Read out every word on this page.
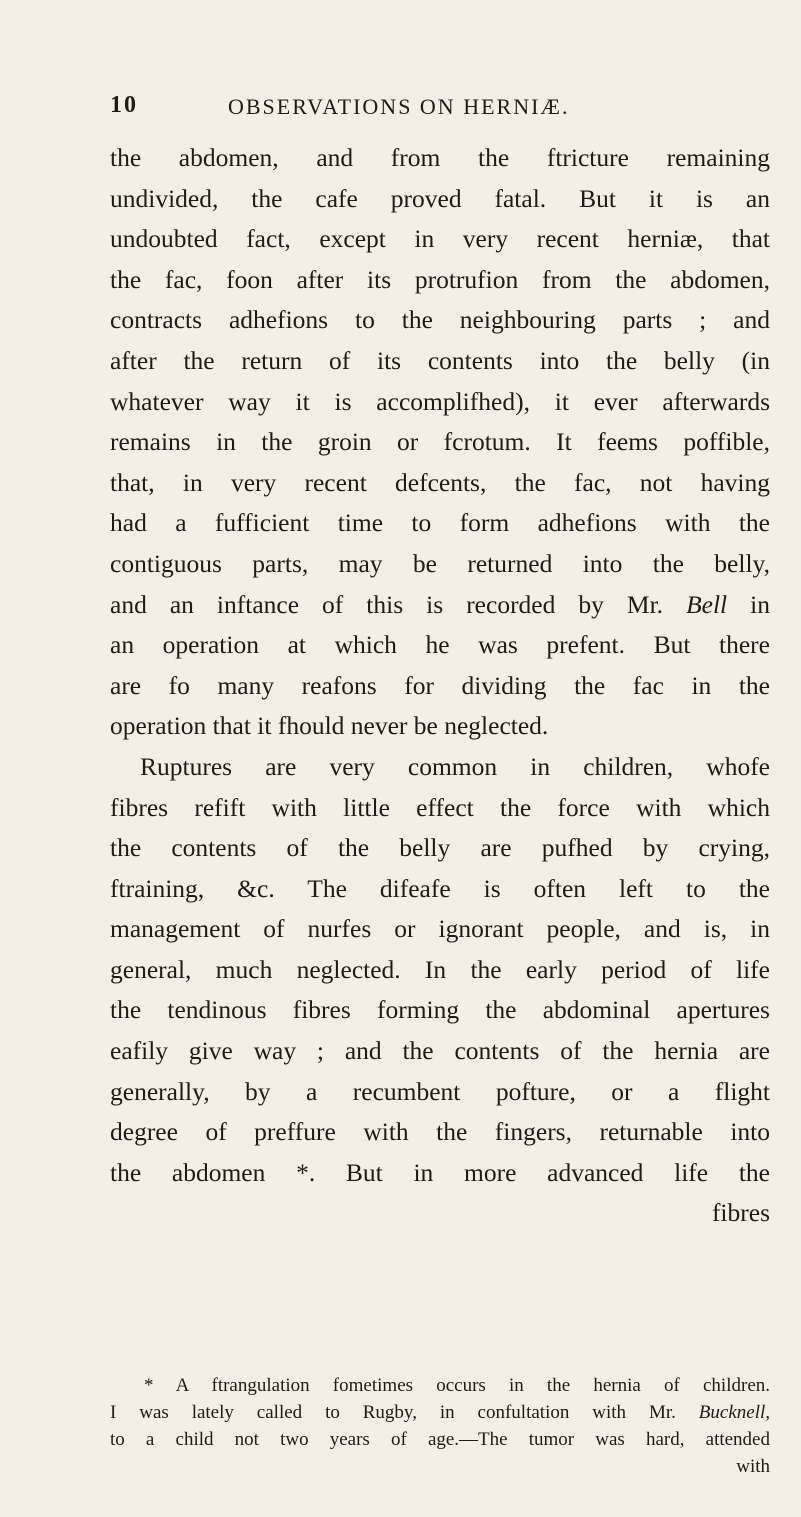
10	OBSERVATIONS ON HERNIÆ.
the abdomen, and from the ftricture remaining
undivided, the cafe proved fatal. But it is an
undoubted fact, except in very recent herniæ, that
the fac, foon after its protrufion from the abdomen,
contracts adhefions to the neighbouring parts ; and
after the return of its contents into the belly (in
whatever way it is accomplifhed), it ever afterwards
remains in the groin or fcrotum. It feems poffible,
that, in very recent defcents, the fac, not having
had a fufficient time to form adhefions with the
contiguous parts, may be returned into the belly,
and an inftance of this is recorded by Mr. Bell in
an operation at which he was prefent. But there
are fo many reafons for dividing the fac in the
operation that it fhould never be neglected.
Ruptures are very common in children, whofe
fibres refift with little effect the force with which
the contents of the belly are pufhed by crying,
ftraining, &c. The difeafe is often left to the
management of nurfes or ignorant people, and is, in
general, much neglected. In the early period of life
the tendinous fibres forming the abdominal apertures
eafily give way ; and the contents of the hernia are
generally, by a recumbent pofture, or a flight
degree of preffure with the fingers, returnable into
the abdomen *. But in more advanced life the
fibres
* A ftrangulation fometimes occurs in the hernia of children.
I was lately called to Rugby, in confultation with Mr. Bucknell,
to a child not two years of age.—The tumor was hard, attended
with
